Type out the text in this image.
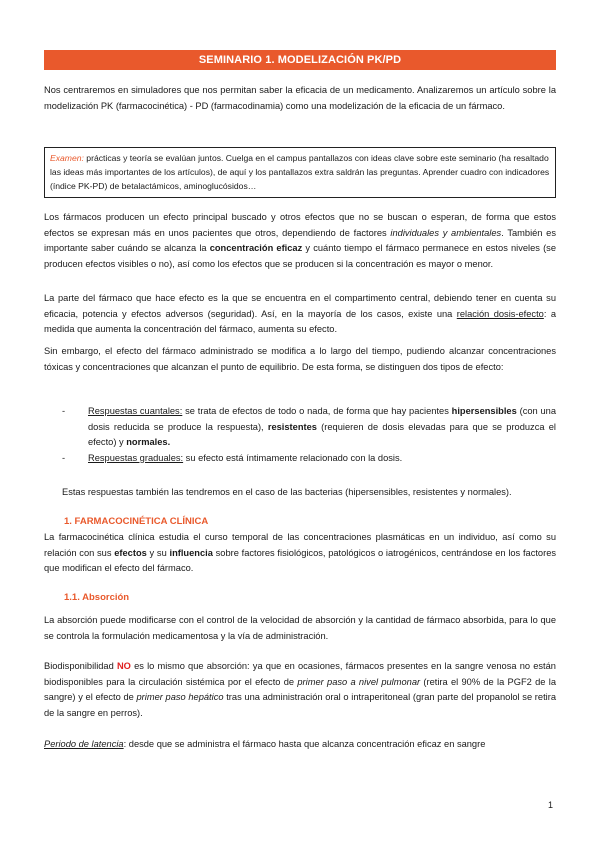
SEMINARIO 1. MODELIZACIÓN PK/PD

Nos centraremos en simuladores que nos permitan saber la eficacia de un medicamento. Analizaremos un artículo sobre la modelización PK (farmacocinética) - PD (farmacodinamia) como una modelización de la eficacia de un fármaco.

Examen: prácticas y teoría se evalúan juntos. Cuelga en el campus pantallazos con ideas clave sobre este seminario (ha resaltado las ideas más importantes de los artículos), de aquí y los pantallazos extra saldrán las preguntas. Aprender cuadro con indicadores (índice PK-PD) de betalactámicos, aminoglucósidos…

Los fármacos producen un efecto principal buscado y otros efectos que no se buscan o esperan, de forma que estos efectos se expresan más en unos pacientes que otros, dependiendo de factores individuales y ambientales. También es importante saber cuándo se alcanza la concentración eficaz y cuánto tiempo el fármaco permanece en estos niveles (se producen efectos visibles o no), así como los efectos que se producen si la concentración es mayor o menor.

La parte del fármaco que hace efecto es la que se encuentra en el compartimento central, debiendo tener en cuenta su eficacia, potencia y efectos adversos (seguridad). Así, en la mayoría de los casos, existe una relación dosis-efecto: a medida que aumenta la concentración del fármaco, aumenta su efecto.

Sin embargo, el efecto del fármaco administrado se modifica a lo largo del tiempo, pudiendo alcanzar concentraciones tóxicas y concentraciones que alcanzan el punto de equilibrio. De esta forma, se distinguen dos tipos de efecto:

- Respuestas cuantales: se trata de efectos de todo o nada, de forma que hay pacientes hipersensibles (con una dosis reducida se produce la respuesta), resistentes (requieren de dosis elevadas para que se produzca el efecto) y normales.
- Respuestas graduales: su efecto está íntimamente relacionado con la dosis.

Estas respuestas también las tendremos en el caso de las bacterias (hipersensibles, resistentes y normales).

1. FARMACOCINÉTICA CLÍNICA

La farmacocinética clínica estudia el curso temporal de las concentraciones plasmáticas en un individuo, así como su relación con sus efectos y su influencia sobre factores fisiológicos, patológicos o iatrogénicos, centrándose en los factores que modifican el efecto del fármaco.

1.1. Absorción

La absorción puede modificarse con el control de la velocidad de absorción y la cantidad de fármaco absorbida, para lo que se controla la formulación medicamentosa y la vía de administración.

Biodisponibilidad NO es lo mismo que absorción: ya que en ocasiones, fármacos presentes en la sangre venosa no están biodisponibles para la circulación sistémica por el efecto de primer paso a nivel pulmonar (retira el 90% de la PGF2 de la sangre) y el efecto de primer paso hepático tras una administración oral o intraperitoneal (gran parte del propanolol se retira de la sangre en perros).

Periodo de latencia: desde que se administra el fármaco hasta que alcanza concentración eficaz en sangre

1
